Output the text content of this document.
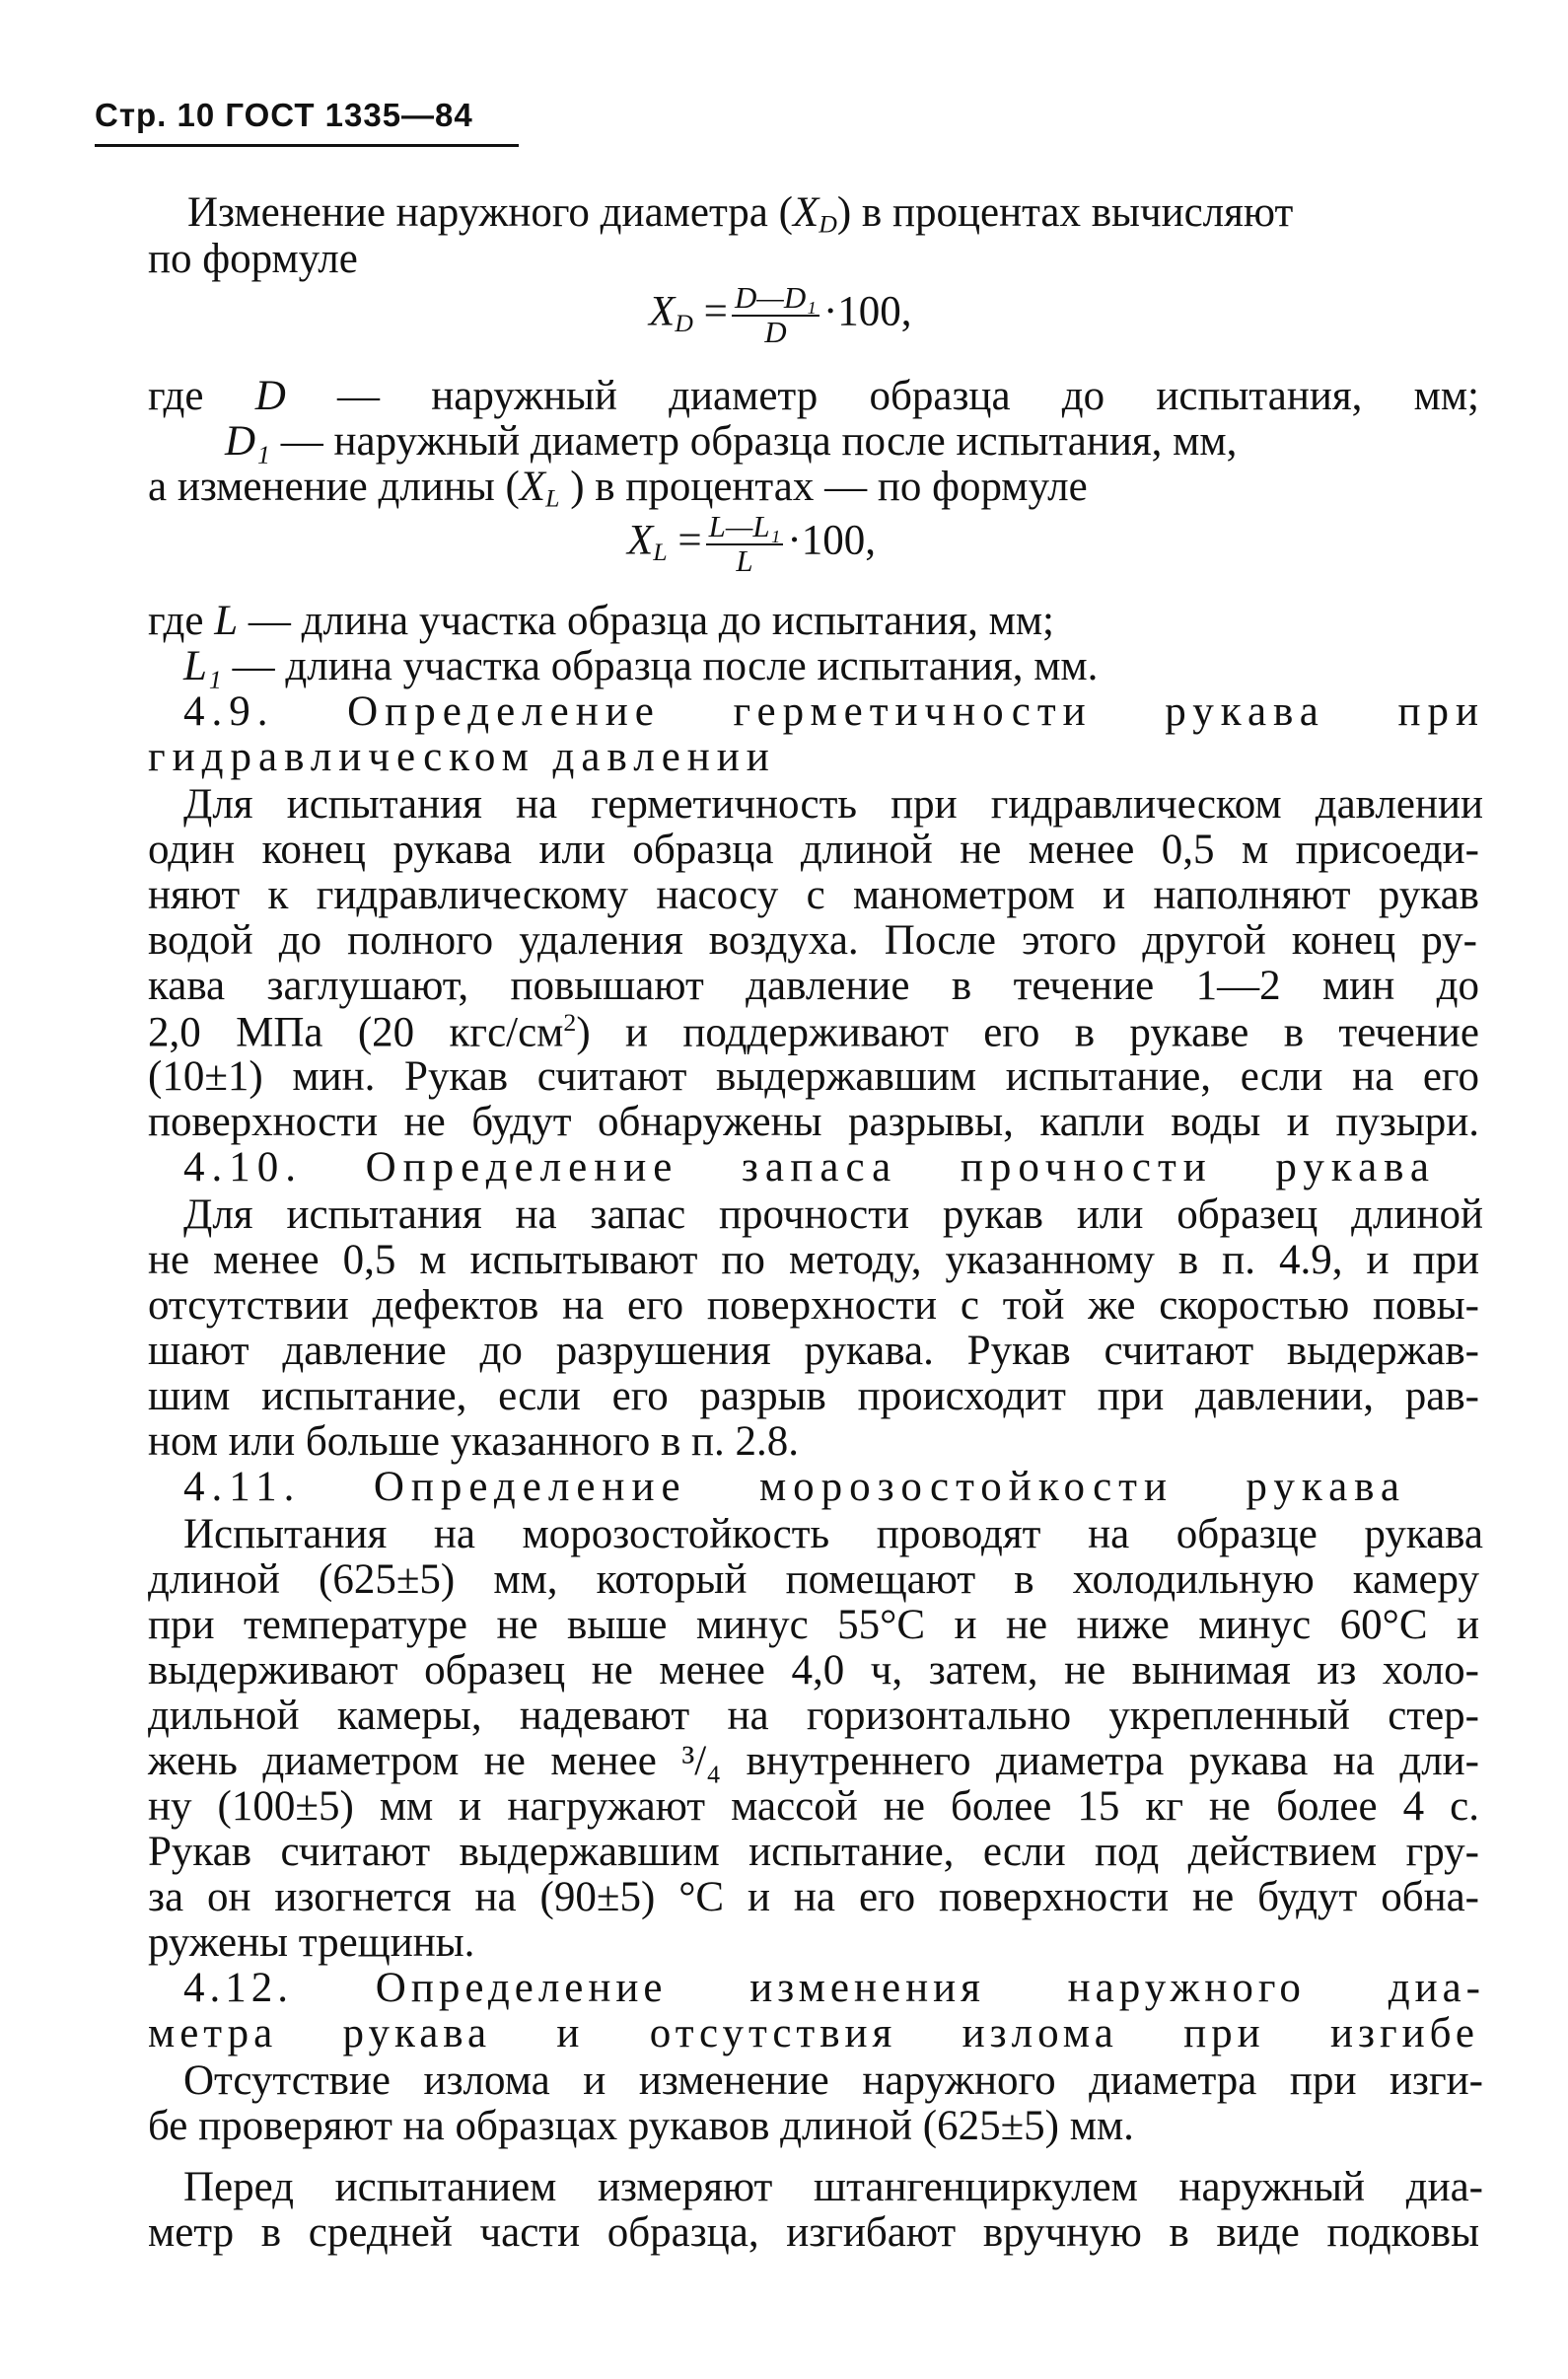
Стр. 10 ГОСТ 1335—84
Изменение наружного диаметра $(X_D)$ в процентах вычисляют
по формуле
$X_D = \frac{\text{D—D₁}}{D} \cdot 100$,
где D — наружный диаметр образца до испытания, мм;
D₁ — наружный диаметр образца после испытания, мм,
а изменение длины ($X_L$ ) в процентах — по формуле
$X_L = \frac{\text{L—L₁}}{L} \cdot 100$,
где L — длина участка образца до испытания, мм;
L₁ — длина участка образца после испытания, мм.
4.9. Определение герметичности рукава при
гидравлическом давлении
Для испытания на герметичность при гидравлическом давлении
один конец рукава или образца длиной не менее 0,5 м присоеди-
няют к гидравлическому насосу с манометром и наполняют рукав
водой до полного удаления воздуха. После этого другой конец ру-
кава заглушают, повышают давление в течение 1—2 мин до
2,0 МПа (20 кгс/$см^2$) и поддерживают его в рукаве в течение
(10±1) мин. Рукав считают выдержавшим испытание, если на его
поверхности не будут обнаружены разрывы, капли воды и пузыри.
4.10. Определение запаса прочности рукава
Для испытания на запас прочности рукав или образец длиной
не менее 0,5 м испытывают по методу, указанному в п. 4.9, и при
отсутствии дефектов на его поверхности с той же скоростью повы-
шают давление до разрушения рукава. Рукав считают выдержав-
шим испытание, если его разрыв происходит при давлении, рав-
ном или больше указанного в п. 2.8.
4.11. Определение морозостойкости рукава
Испытания на морозостойкость проводят на образце рукава
длиной (625±5) мм, который помещают в холодильную камеру
при температуре не выше минус 55°С и не ниже минус 60°С и
выдерживают образец не менее 4,0 ч, затем, не вынимая из холо-
дильной камеры, надевают на горизонтально укрепленный стер-
жень диаметром не менее ³/₄ внутреннего диаметра рукава на дли-
ну (100±5) мм и нагружают массой не более 15 кг не более 4 с.
Рукав считают выдержавшим испытание, если под действием гру-
за он изогнется на (90±5) °С и на его поверхности не будут обна-
ружены трещины.
4.12. Определение изменения наружного диа-
метра рукава и отсутствия излома при изгибе
Отсутствие излома и изменение наружного диаметра при изги-
бе проверяют на образцах рукавов длиной (625±5) мм.
Перед испытанием измеряют штангенциркулем наружный диа-
метр в средней части образца, изгибают вручную в виде подковы
